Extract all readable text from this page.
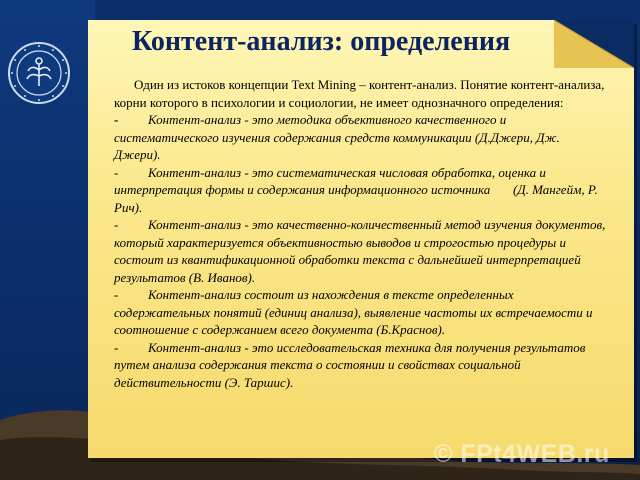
Контент-анализ: определения

Один из истоков концепции Text Mining – контент-анализ. Понятие контент-анализа, корни которого в психологии и социологии, не имеет однозначного определения:

- Контент-анализ - это методика объективного качественного и систематического изучения содержания средств коммуникации (Д.Джери, Дж. Джери).

- Контент-анализ - это систематическая числовая обработка, оценка и интерпретация формы и содержания информационного источника       (Д. Мангейм, Р. Рич).

- Контент-анализ - это качественно-количественный метод изучения документов, который характеризуется объективностью выводов и строгостью процедуры и состоит из квантификационной обработки текста с дальнейшей интерпретацией результатов (В. Иванов).

- Контент-анализ состоит из нахождения в тексте определенных содержательных понятий (единиц анализа), выявление частоты их встречаемости и соотношение с содержанием всего документа (Б.Краснов).

- Контент-анализ - это исследовательская техника для получения результатов путем анализа содержания текста о состоянии и свойствах социальной действительности (Э. Таршис).

© FPt4WEB.ru
